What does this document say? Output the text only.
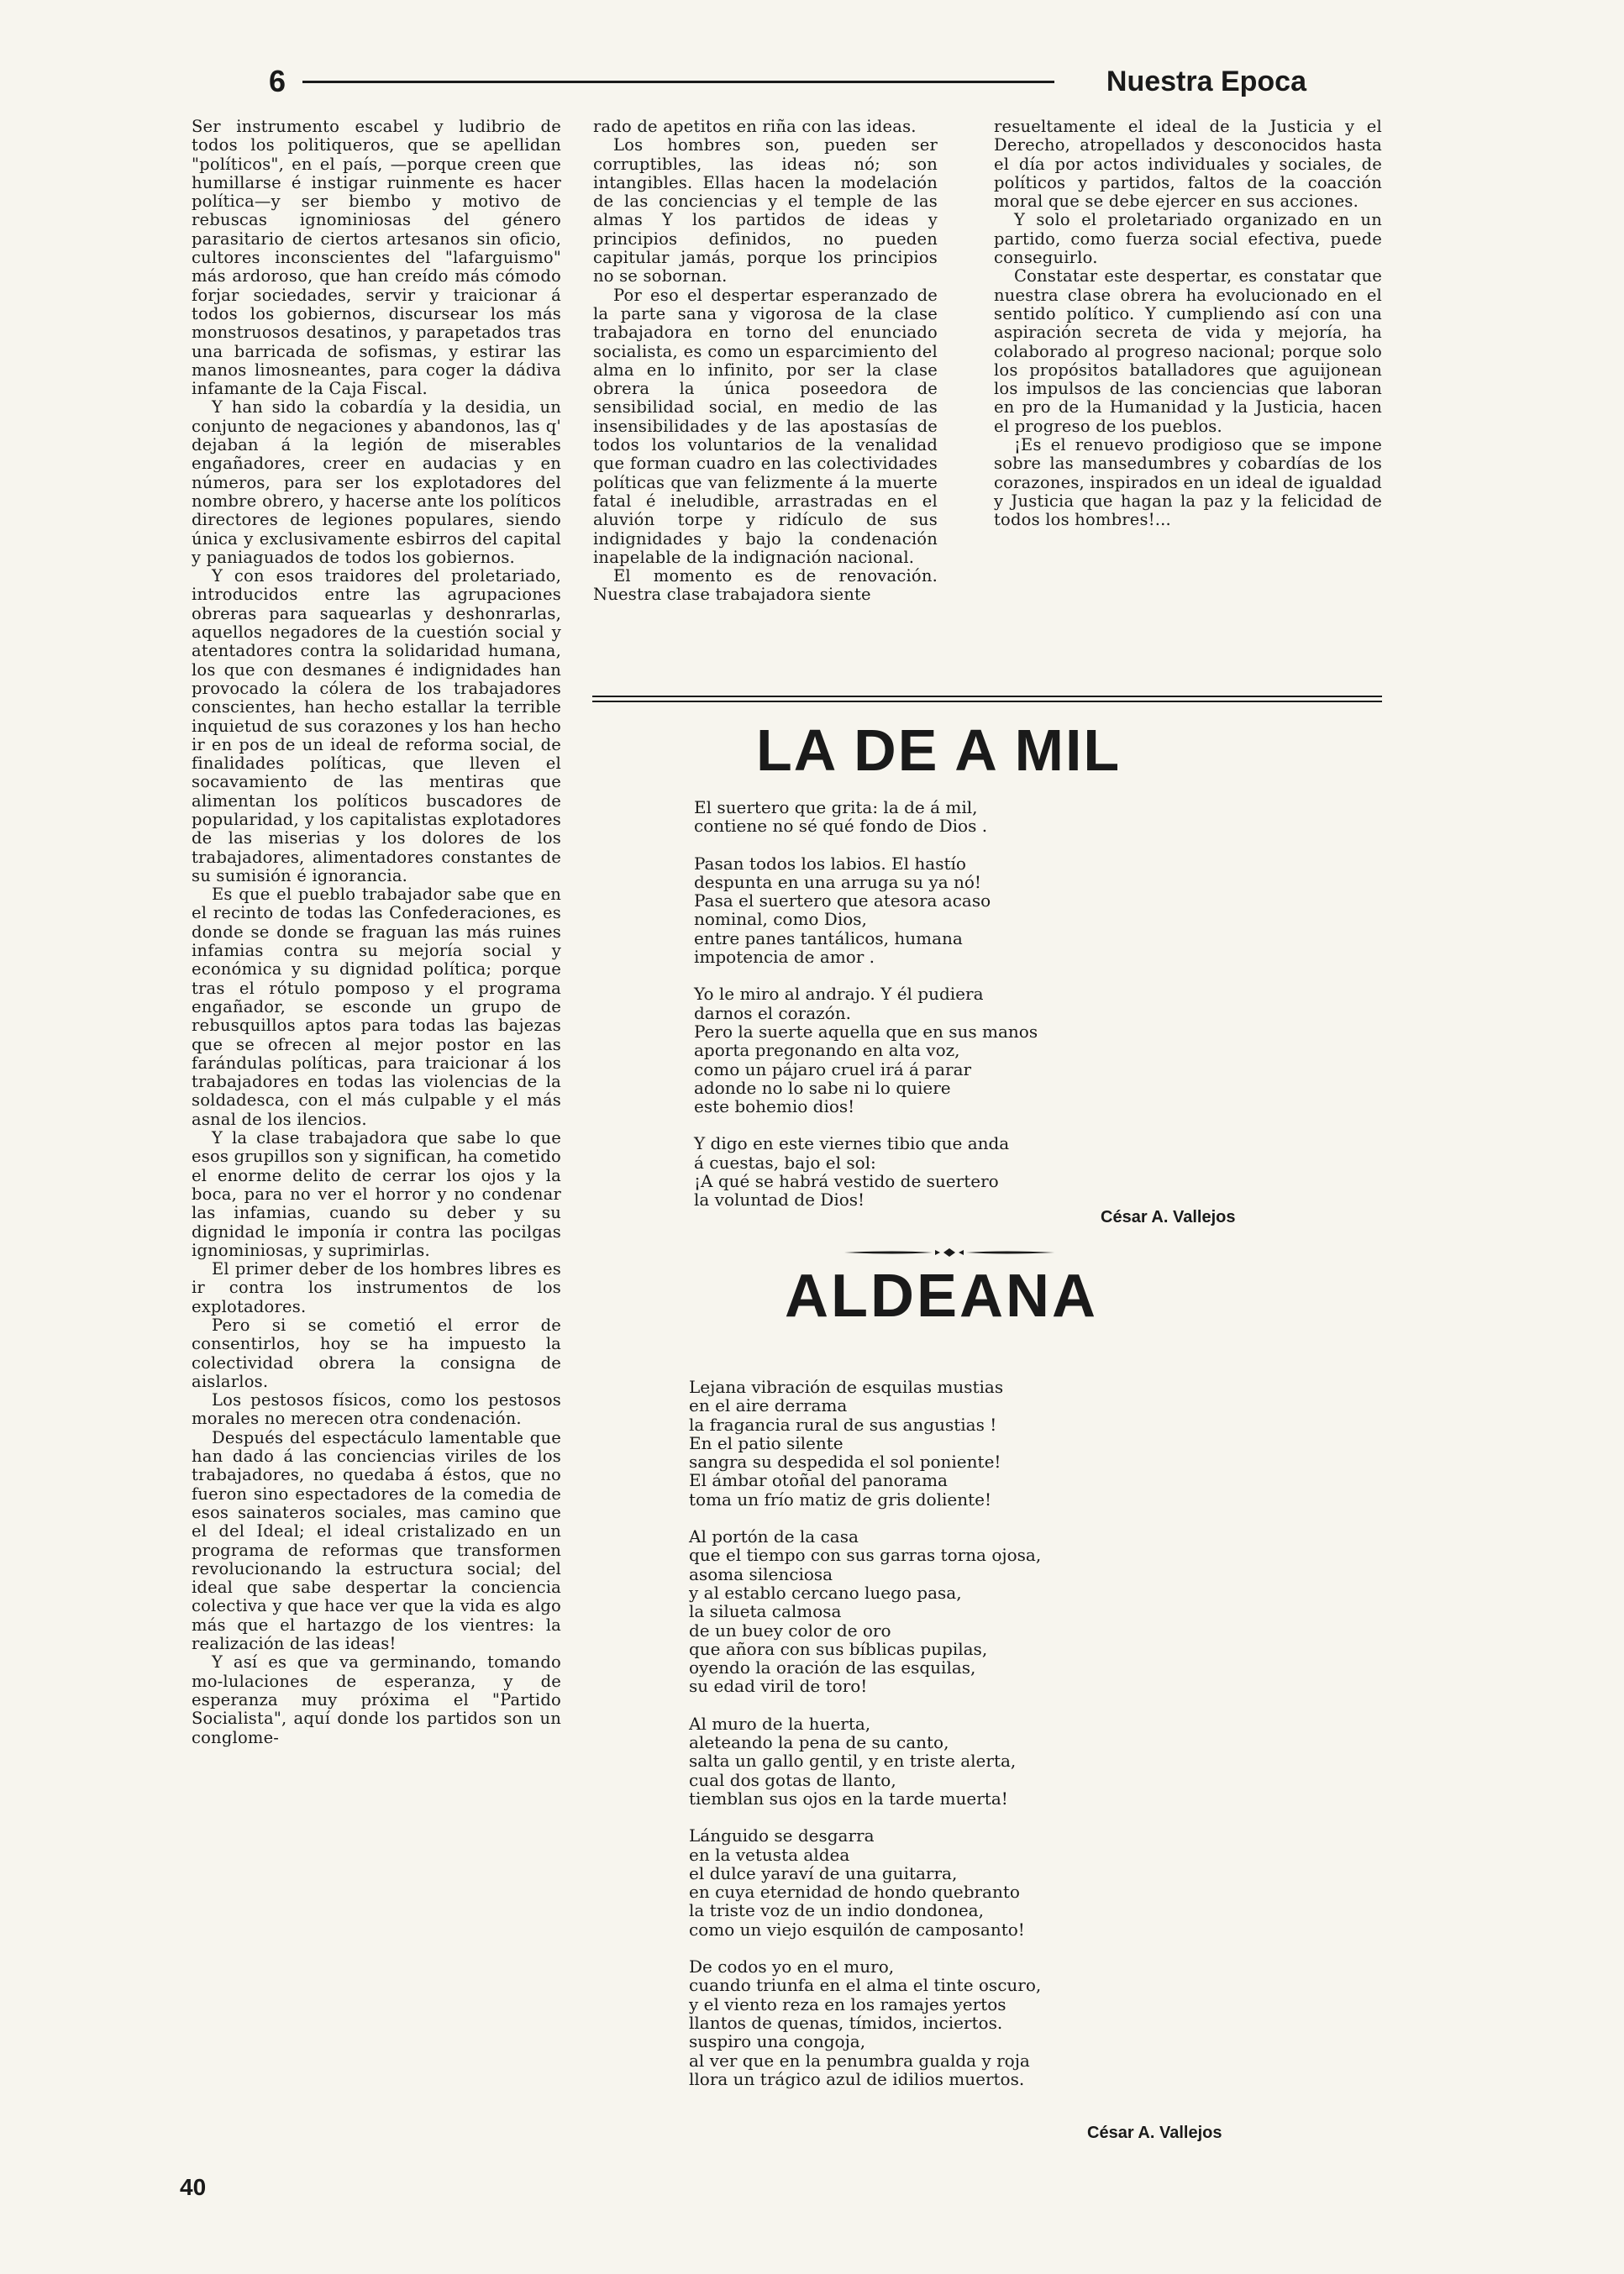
6	Nuestra Epoca

Ser instrumento escabel y ludibrio de todos los politiqueros, que se apellidan "políticos", en el país, —porque creen que humillarse é instigar ruinmente es hacer política—y ser biembo y motivo de rebuscas ignominiosas del género parasitario de ciertos artesanos sin oficio, cultores inconscientes del "lafarguismo" más ardoroso, que han creído más cómodo forjar sociedades, servir y traicionar á todos los gobiernos, discursear los más monstruosos desatinos, y parapetados tras una barricada de sofismas, y estirar las manos limosneantes, para coger la dádiva infamante de la Caja Fiscal.

Y han sido la cobardía y la desidia, un conjunto de negaciones y abandonos, las q' dejaban á la legión de miserables engañadores, creer en audacias y en números, para ser los explotadores del nombre obrero, y hacerse ante los políticos directores de legiones populares, siendo única y exclusivamente esbirros del capital y paniaguados de todos los gobiernos.

Y con esos traidores del proletariado, introducidos entre las agrupaciones obreras para saquearlas y deshonrarlas, aquellos negadores de la cuestión social y atentadores contra la solidaridad humana, los que con desmanes é indignidades han provocado la cólera de los trabajadores conscientes, han hecho estallar la terrible inquietud de sus corazones y los han hecho ir en pos de un ideal de reforma social, de finalidades políticas, que lleven el socavamiento de las mentiras que alimentan los políticos buscadores de popularidad, y los capitalistas explotadores de las miserias y los dolores de los trabajadores, alimentadores constantes de su sumisión é ignorancia.

Es que el pueblo trabajador sabe que en el recinto de todas las Confederaciones, es donde se donde se fraguan las más ruines infamias contra su mejoría social y económica y su dignidad política; porque tras el rótulo pomposo y el programa engañador, se esconde un grupo de rebusquillos aptos para todas las bajezas que se ofrecen al mejor postor en las farándulas políticas, para traicionar á los trabajadores en todas las violencias de la soldadesca, con el más culpable y el más asnal de los ilencios.

Y la clase trabajadora que sabe lo que esos grupillos son y significan, ha cometido el enorme delito de cerrar los ojos y la boca, para no ver el horror y no condenar las infamias, cuando su deber y su dignidad le imponía ir contra las pocilgas ignominiosas, y suprimirlas.

El primer deber de los hombres libres es ir contra los instrumentos de los explotadores.

Pero si se cometió el error de consentirlos, hoy se ha impuesto la colectividad obrera la consigna de aislarlos.

Los pestosos físicos, como los pestosos morales no merecen otra condenación.

Después del espectáculo lamentable que han dado á las conciencias viriles de los trabajadores, no quedaba á éstos, que no fueron sino espectadores de la comedia de esos sainateros sociales, mas camino que el del Ideal; el ideal cristalizado en un programa de reformas que transformen revolucionando la estructura social; del ideal que sabe despertar la conciencia colectiva y que hace ver que la vida es algo más que el hartazgo de los vientres: la realización de las ideas!

Y así es que va germinando, tomando mo-lulaciones de esperanza, y de esperanza muy próxima el "Partido Socialista", aquí donde los partidos son un conglome-

rado de apetitos en riña con las ideas.

Los hombres son, pueden ser corruptibles, las ideas nó; son intangibles. Ellas hacen la modelación de las conciencias y el temple de las almas Y los partidos de ideas y principios definidos, no pueden capitular jamás, porque los principios no se sobornan.

Por eso el despertar esperanzado de la parte sana y vigorosa de la clase trabajadora en torno del enunciado socialista, es como un esparcimiento del alma en lo infinito, por ser la clase obrera la única poseedora de sensibilidad social, en medio de las insensibilidades y de las apostasías de todos los voluntarios de la venalidad que forman cuadro en las colectividades políticas que van felizmente á la muerte fatal é ineludible, arrastradas en el aluvión torpe y ridículo de sus indignidades y bajo la condenación inapelable de la indignación nacional.

El momento es de renovación. Nuestra clase trabajadora siente

resueltamente el ideal de la Justicia y el Derecho, atropellados y desconocidos hasta el día por actos individuales y sociales, de políticos y partidos, faltos de la coacción moral que se debe ejercer en sus acciones.

Y solo el proletariado organizado en un partido, como fuerza social efectiva, puede conseguirlo.

Constatar este despertar, es constatar que nuestra clase obrera ha evolucionado en el sentido político. Y cumpliendo así con una aspiración secreta de vida y mejoría, ha colaborado al progreso nacional; porque solo los propósitos batalladores que aguijonean los impulsos de las conciencias que laboran en pro de la Humanidad y la Justicia, hacen el progreso de los pueblos.

¡Es el renuevo prodigioso que se impone sobre las mansedumbres y cobardías de los corazones, inspirados en un ideal de igualdad y Justicia que hagan la paz y la felicidad de todos los hombres!...

LA DE A MIL
El suertero que grita: la de á mil,
contiene no sé qué fondo de Dios .
Pasan todos los labios. El hastío
despunta en una arruga su ya nó!
Pasa el suertero que atesora acaso
nominal, como Dios,
entre panes tantálicos, humana
impotencia de amor .
Yo le miro al andrajo. Y él pudiera
darnos el corazón.
Pero la suerte aquella que en sus manos
aporta pregonando en alta voz,
como un pájaro cruel irá á parar
adonde no lo sabe ni lo quiere
este bohemio dios!
Y digo en este viernes tibio que anda
á cuestas, bajo el sol:
¡A qué se habrá vestido de suertero
la voluntad de Dios!
César A. Vallejos
ALDEANA
Lejana vibración de esquilas mustias
en el aire derrama
la fragancia rural de sus angustias !
En el patio silente
sangra su despedida el sol poniente!
El ámbar otoñal del panorama
toma un frío matiz de gris doliente!
Al portón de la casa
que el tiempo con sus garras torna ojosa,
asoma silenciosa
y al establo cercano luego pasa,
la silueta calmosa
de un buey color de oro
que añora con sus bíblicas pupilas,
oyendo la oración de las esquilas,
su edad viril de toro!
Al muro de la huerta,
aleteando la pena de su canto,
salta un gallo gentil, y en triste alerta,
cual dos gotas de llanto,
tiemblan sus ojos en la tarde muerta!
Lánguido se desgarra
en la vetusta aldea
el dulce yaraví de una guitarra,
en cuya eternidad de hondo quebranto
la triste voz de un indio dondonea,
como un viejo esquilón de camposanto!
De codos yo en el muro,
cuando triunfa en el alma el tinte oscuro,
y el viento reza en los ramajes yertos
llantos de quenas, tímidos, inciertos.
suspiro una congoja,
al ver que en la penumbra gualda y roja
llora un trágico azul de idilios muertos.
César A. Vallejos
40
